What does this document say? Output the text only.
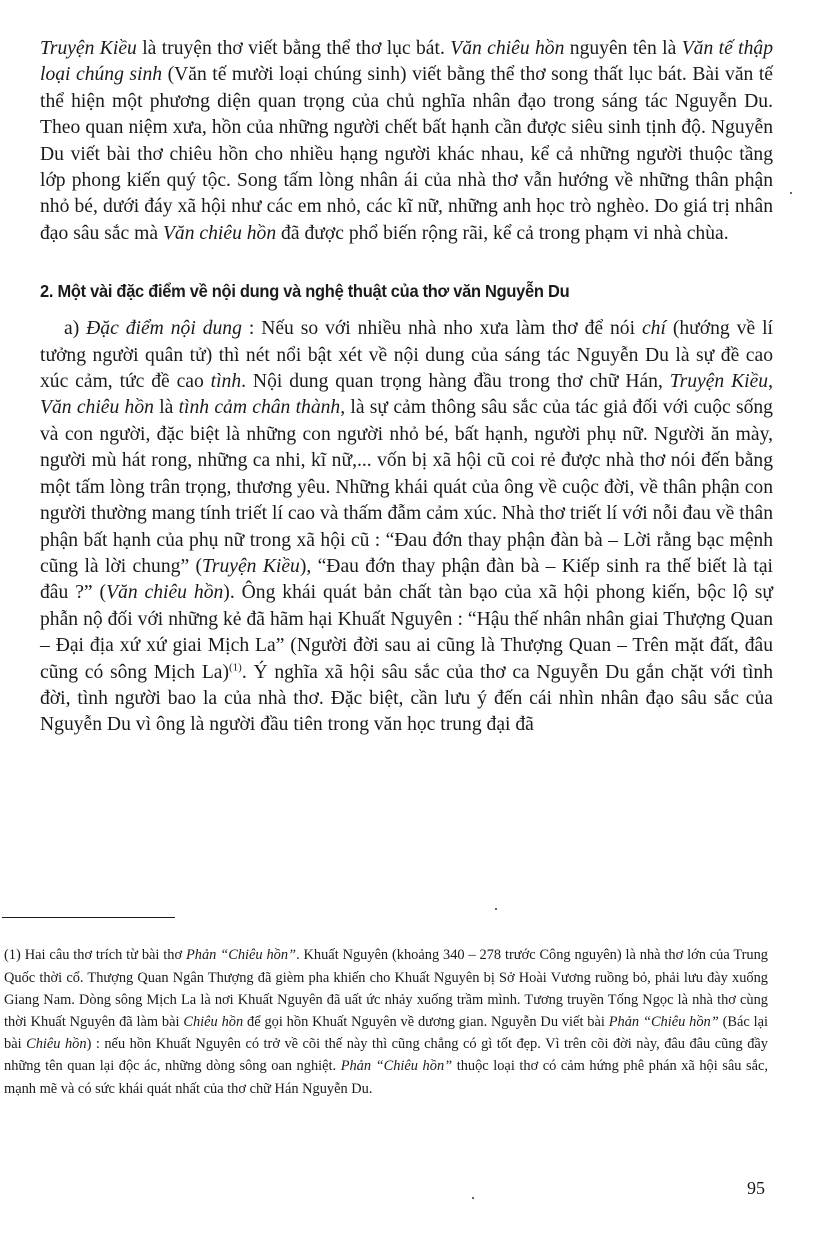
Truyện Kiều là truyện thơ viết bằng thể thơ lục bát. Văn chiêu hồn nguyên tên là Văn tế thập loại chúng sinh (Văn tế mười loại chúng sinh) viết bằng thể thơ song thất lục bát. Bài văn tế thể hiện một phương diện quan trọng của chủ nghĩa nhân đạo trong sáng tác Nguyễn Du. Theo quan niệm xưa, hồn của những người chết bất hạnh cần được siêu sinh tịnh độ. Nguyễn Du viết bài thơ chiêu hồn cho nhiều hạng người khác nhau, kể cả những người thuộc tầng lớp phong kiến quý tộc. Song tấm lòng nhân ái của nhà thơ vẫn hướng về những thân phận nhỏ bé, dưới đáy xã hội như các em nhỏ, các kĩ nữ, những anh học trò nghèo. Do giá trị nhân đạo sâu sắc mà Văn chiêu hồn đã được phổ biến rộng rãi, kể cả trong phạm vi nhà chùa.

2. Một vài đặc điểm về nội dung và nghệ thuật của thơ văn Nguyễn Du

a) Đặc điểm nội dung : Nếu so với nhiều nhà nho xưa làm thơ để nói chí (hướng về lí tưởng người quân tử) thì nét nổi bật xét về nội dung của sáng tác Nguyễn Du là sự đề cao xúc cảm, tức đề cao tình. Nội dung quan trọng hàng đầu trong thơ chữ Hán, Truyện Kiều, Văn chiêu hồn là tình cảm chân thành, là sự cảm thông sâu sắc của tác giả đối với cuộc sống và con người, đặc biệt là những con người nhỏ bé, bất hạnh, người phụ nữ. Người ăn mày, người mù hát rong, những ca nhi, kĩ nữ,... vốn bị xã hội cũ coi rẻ được nhà thơ nói đến bằng một tấm lòng trân trọng, thương yêu. Những khái quát của ông về cuộc đời, về thân phận con người thường mang tính triết lí cao và thấm đẫm cảm xúc. Nhà thơ triết lí với nỗi đau về thân phận bất hạnh của phụ nữ trong xã hội cũ : “Đau đớn thay phận đàn bà – Lời rằng bạc mệnh cũng là lời chung” (Truyện Kiều), “Đau đớn thay phận đàn bà – Kiếp sinh ra thế biết là tại đâu ?” (Văn chiêu hồn). Ông khái quát bản chất tàn bạo của xã hội phong kiến, bộc lộ sự phẫn nộ đối với những kẻ đã hãm hại Khuất Nguyên : “Hậu thế nhân nhân giai Thượng Quan – Đại địa xứ xứ giai Mịch La” (Người đời sau ai cũng là Thượng Quan – Trên mặt đất, đâu cũng có sông Mịch La)$^{(1)}$. Ý nghĩa xã hội sâu sắc của thơ ca Nguyễn Du gắn chặt với tình đời, tình người bao la của nhà thơ. Đặc biệt, cần lưu ý đến cái nhìn nhân đạo sâu sắc của Nguyễn Du vì ông là người đầu tiên trong văn học trung đại đã

(1) Hai câu thơ trích từ bài thơ Phản “Chiêu hồn”. Khuất Nguyên (khoảng 340 – 278 trước Công nguyên) là nhà thơ lớn của Trung Quốc thời cổ. Thượng Quan Ngân Thượng đã gièm pha khiến cho Khuất Nguyên bị Sở Hoài Vương ruồng bỏ, phải lưu đày xuống Giang Nam. Dòng sông Mịch La là nơi Khuất Nguyên đã uất ức nhảy xuống trầm mình. Tương truyền Tống Ngọc là nhà thơ cùng thời Khuất Nguyên đã làm bài Chiêu hồn để gọi hồn Khuất Nguyên về dương gian. Nguyễn Du viết bài Phản “Chiêu hồn” (Bác lại bài Chiêu hồn) : nếu hồn Khuất Nguyên có trở về cõi thế này thì cũng chẳng có gì tốt đẹp. Vì trên cõi đời này, đâu đâu cũng đầy những tên quan lại độc ác, những dòng sông oan nghiệt. Phản “Chiêu hồn” thuộc loại thơ có cảm hứng phê phán xã hội sâu sắc, mạnh mẽ và có sức khái quát nhất của thơ chữ Hán Nguyễn Du.

95
